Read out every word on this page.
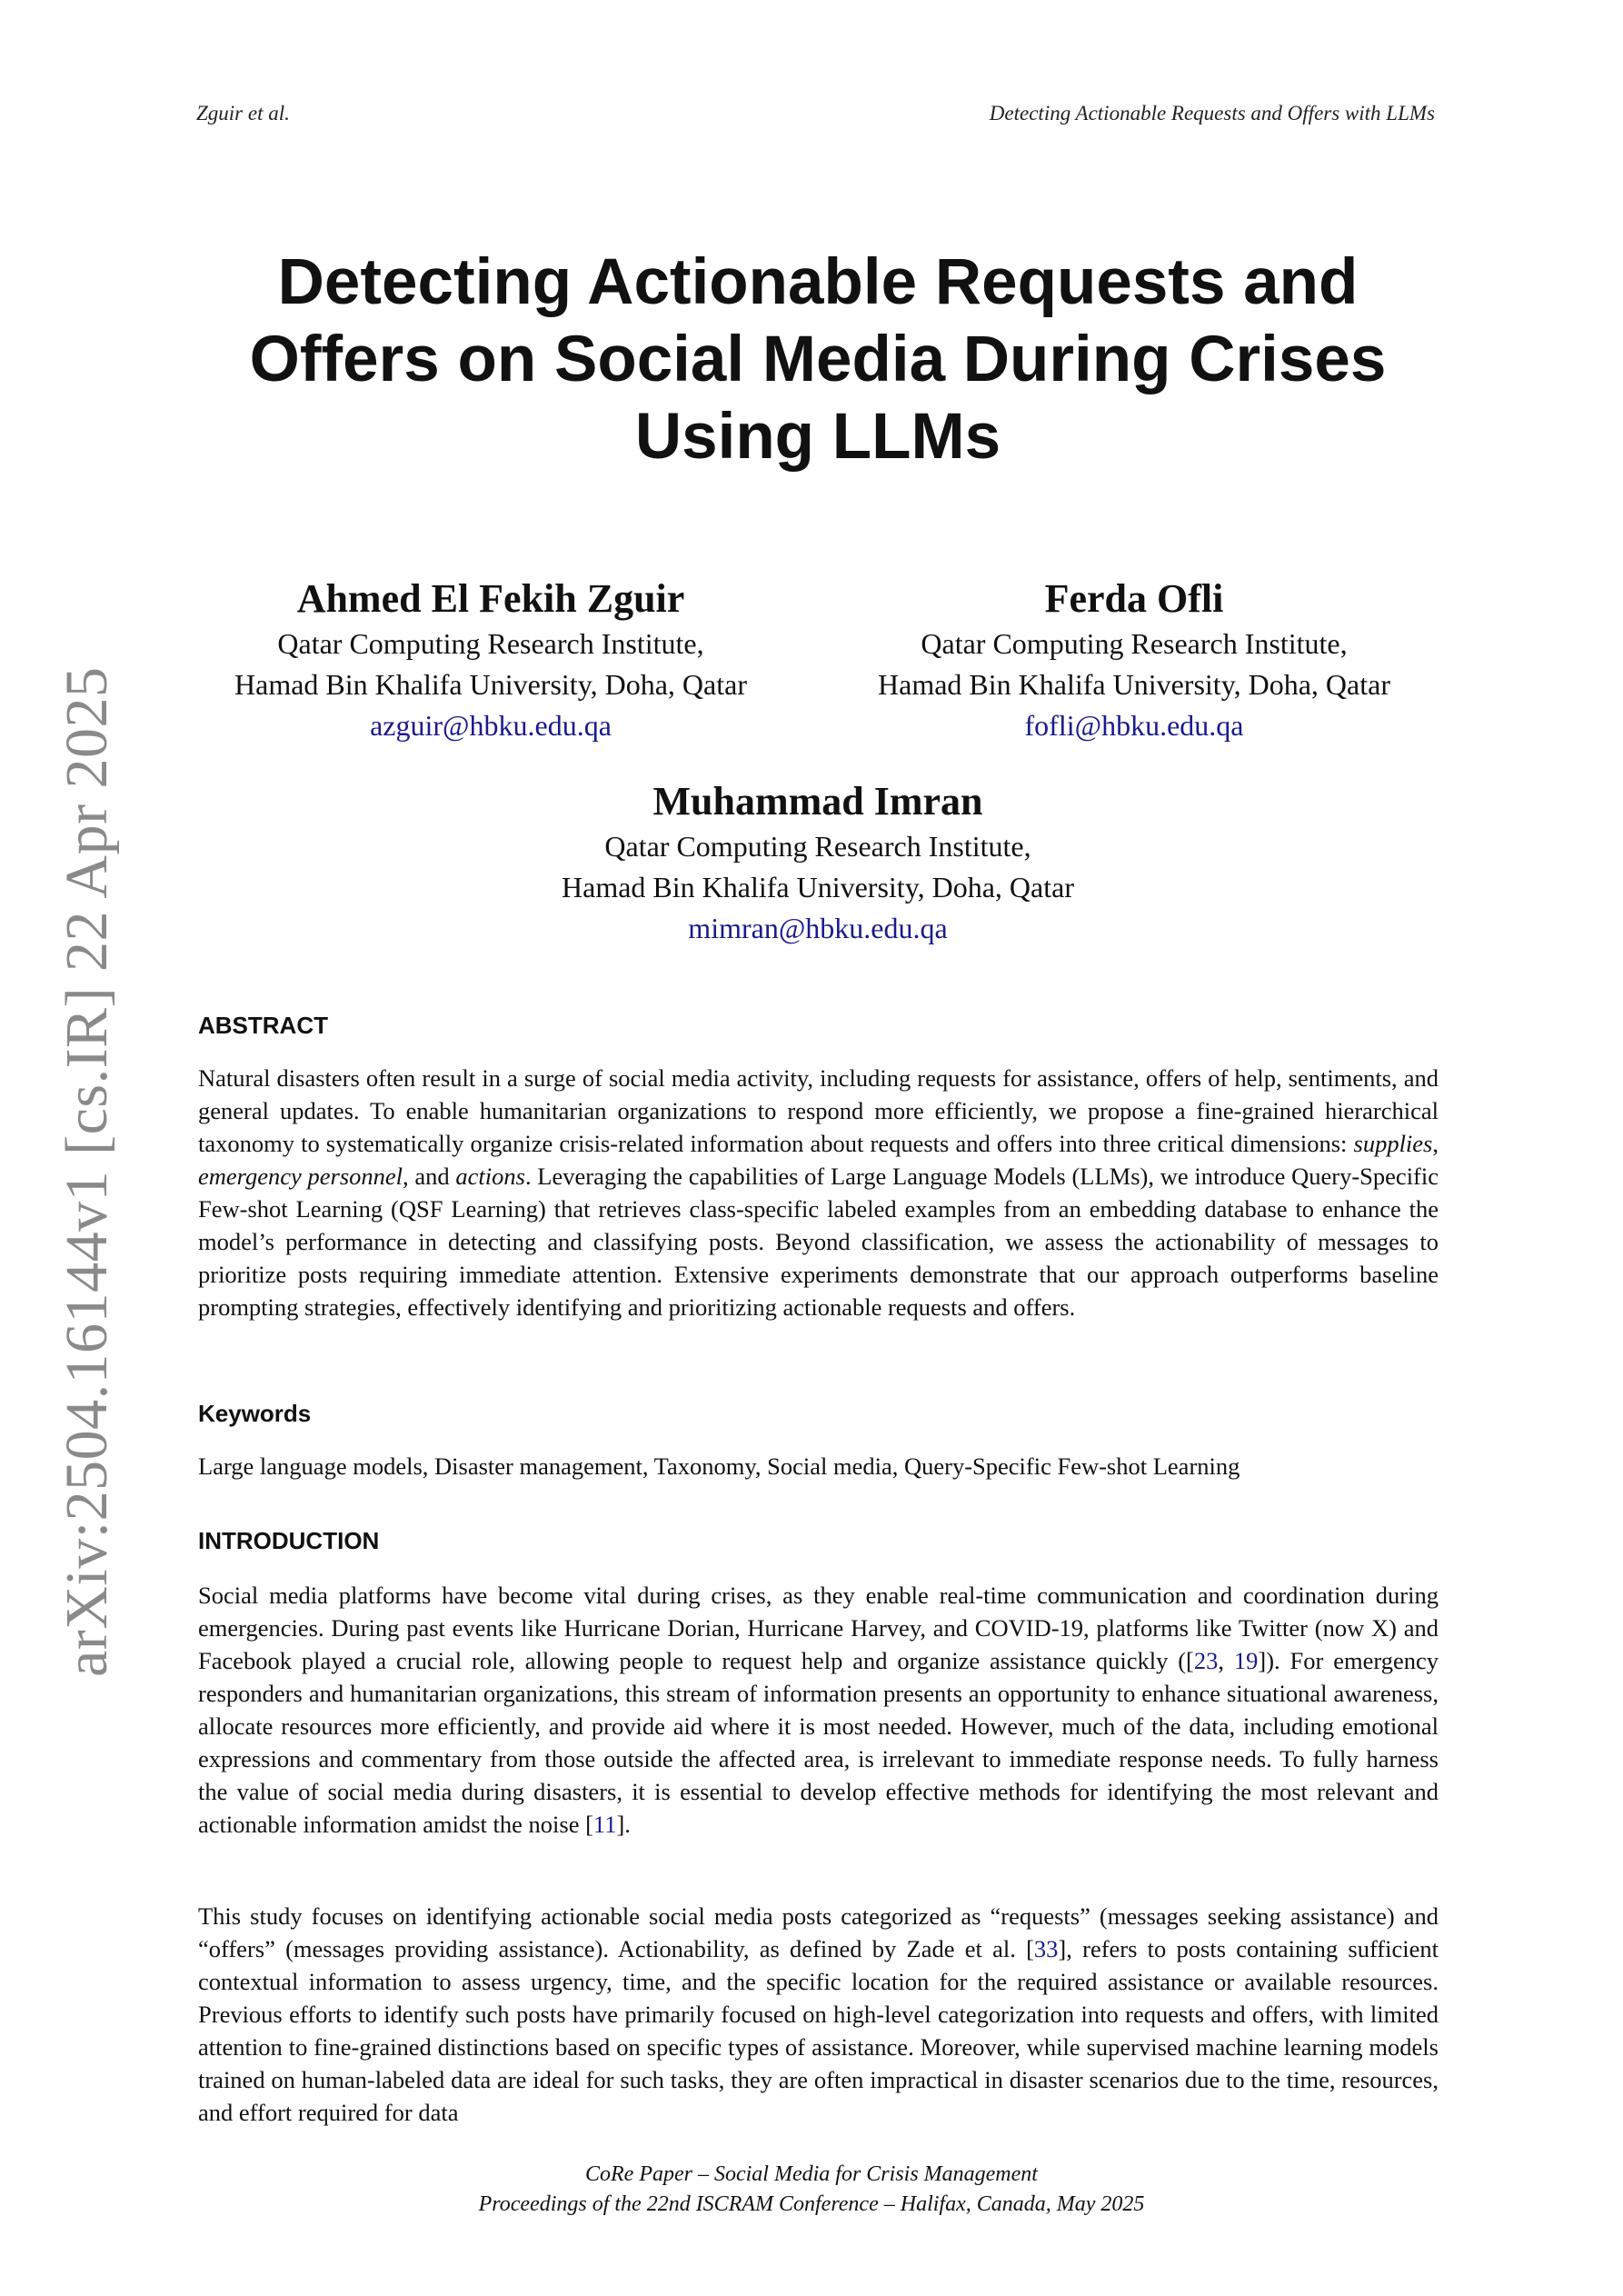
Zguir et al.	Detecting Actionable Requests and Offers with LLMs
Detecting Actionable Requests and
Offers on Social Media During Crises
Using LLMs
Ahmed El Fekih Zguir
Qatar Computing Research Institute,
Hamad Bin Khalifa University, Doha, Qatar
azguir@hbku.edu.qa
Ferda Ofli
Qatar Computing Research Institute,
Hamad Bin Khalifa University, Doha, Qatar
fofli@hbku.edu.qa
Muhammad Imran
Qatar Computing Research Institute,
Hamad Bin Khalifa University, Doha, Qatar
mimran@hbku.edu.qa
arXiv:2504.16144v1 [cs.IR] 22 Apr 2025	ABSTRACT
Natural disasters often result in a surge of social media activity, including requests for assistance, offers of help, sentiments, and general updates. To enable humanitarian organizations to respond more efficiently, we propose a fine-grained hierarchical taxonomy to systematically organize crisis-related information about requests and offers into three critical dimensions: supplies, emergency personnel, and actions. Leveraging the capabilities of Large Language Models (LLMs), we introduce Query-Specific Few-shot Learning (QSF Learning) that retrieves class-specific labeled examples from an embedding database to enhance the model’s performance in detecting and classifying posts. Beyond classification, we assess the actionability of messages to prioritize posts requiring immediate attention. Extensive experiments demonstrate that our approach outperforms baseline prompting strategies, effectively identifying and prioritizing actionable requests and offers.
Keywords
Large language models, Disaster management, Taxonomy, Social media, Query-Specific Few-shot Learning
INTRODUCTION
Social media platforms have become vital during crises, as they enable real-time communication and coordination during emergencies. During past events like Hurricane Dorian, Hurricane Harvey, and COVID-19, platforms like Twitter (now X) and Facebook played a crucial role, allowing people to request help and organize assistance quickly ([23, 19]). For emergency responders and humanitarian organizations, this stream of information presents an opportunity to enhance situational awareness, allocate resources more efficiently, and provide aid where it is most needed. However, much of the data, including emotional expressions and commentary from those outside the affected area, is irrelevant to immediate response needs. To fully harness the value of social media during disasters, it is essential to develop effective methods for identifying the most relevant and actionable information amidst the noise [11].
This study focuses on identifying actionable social media posts categorized as “requests” (messages seeking assistance) and “offers” (messages providing assistance). Actionability, as defined by Zade et al. [33], refers to posts containing sufficient contextual information to assess urgency, time, and the specific location for the required assistance or available resources. Previous efforts to identify such posts have primarily focused on high-level categorization into requests and offers, with limited attention to fine-grained distinctions based on specific types of assistance. Moreover, while supervised machine learning models trained on human-labeled data are ideal for such tasks, they are often impractical in disaster scenarios due to the time, resources, and effort required for data
CoRe Paper – Social Media for Crisis Management
Proceedings of the 22nd ISCRAM Conference – Halifax, Canada, May 2025
